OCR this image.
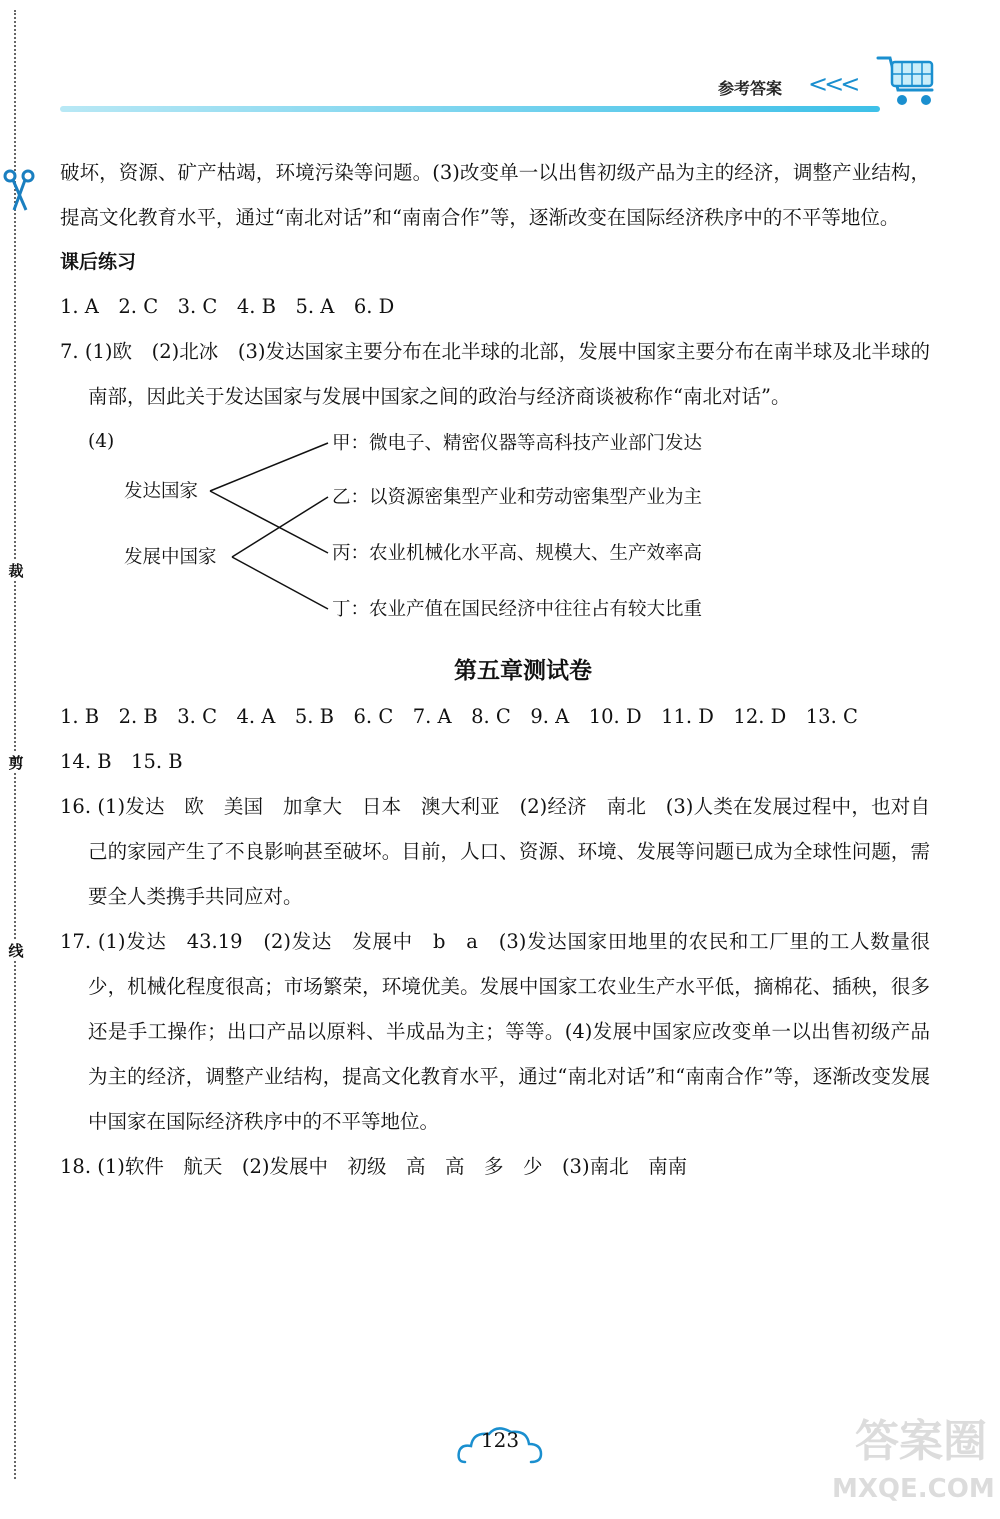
裁
剪
线
参考答案 <<<

破坏，资源、矿产枯竭，环境污染等问题。(3)改变单一以出售初级产品为主的经济，调整产业结构，提高文化教育水平，通过“南北对话”和“南南合作”等，逐渐改变在国际经济秩序中的不平等地位。

课后练习

1. A　2. C　3. C　4. B　5. A　6. D

7. (1)欧　(2)北冰　(3)发达国家主要分布在北半球的北部，发展中国家主要分布在南半球及北半球的南部，因此关于发达国家与发展中国家之间的政治与经济商谈被称作“南北对话”。

(4)
发达国家
发展中国家
甲：微电子、精密仪器等高科技产业部门发达
乙：以资源密集型产业和劳动密集型产业为主
丙：农业机械化水平高、规模大、生产效率高
丁：农业产值在国民经济中往往占有较大比重

第五章测试卷

1. B　2. B　3. C　4. A　5. B　6. C　7. A　8. C　9. A　10. D　11. D　12. D　13. C

14. B　15. B

16. (1)发达　欧　美国　加拿大　日本　澳大利亚　(2)经济　南北　(3)人类在发展过程中，也对自己的家园产生了不良影响甚至破坏。目前，人口、资源、环境、发展等问题已成为全球性问题，需要全人类携手共同应对。

17. (1)发达　43.19　(2)发达　发展中　b　a　(3)发达国家田地里的农民和工厂里的工人数量很少，机械化程度很高；市场繁荣，环境优美。发展中国家工农业生产水平低，摘棉花、插秧，很多还是手工操作；出口产品以原料、半成品为主；等等。(4)发展中国家应改变单一以出售初级产品为主的经济，调整产业结构，提高文化教育水平，通过“南北对话”和“南南合作”等，逐渐改变发展中国家在国际经济秩序中的不平等地位。

18. (1)软件　航天　(2)发展中　初级　高　高　多　少　(3)南北　南南

123	答案圈
MXQE.COM
